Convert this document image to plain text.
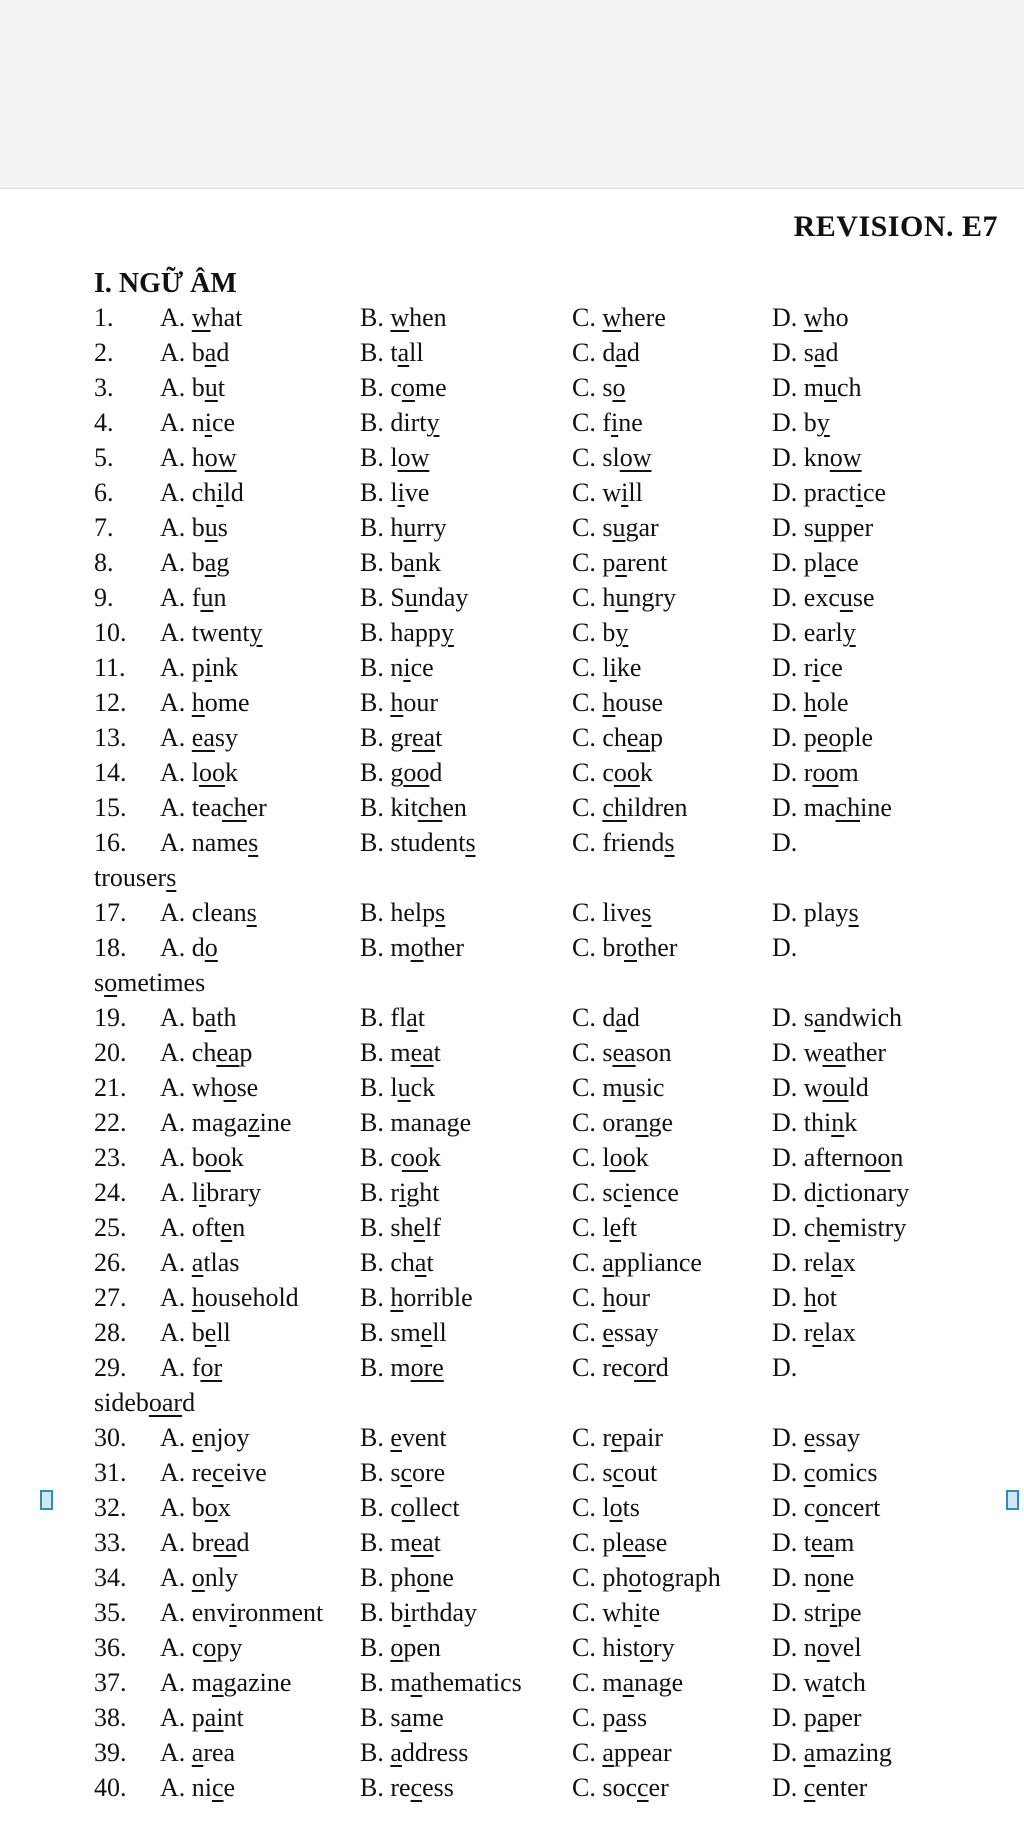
REVISION. E7
I. NGỮ ÂM
1. A. what	B. when	C. where	D. who
2. A. bad	B. tall	C. dad	D. sad
3. A. but	B. come	C. so	D. much
4. A. nice	B. dirty	C. fine	D. by
5. A. how	B. low	C. slow	D. know
6. A. child	B. live	C. will	D. practice
7. A. bus	B. hurry	C. sugar	D. supper
8. A. bag	B. bank	C. parent	D. place
9. A. fun	B. Sunday	C. hungry	D. excuse
10. A. twenty	B. happy	C. by	D. early
11. A. pink	B. nice	C. like	D. rice
12. A. home	B. hour	C. house	D. hole
13. A. easy	B. great	C. cheap	D. people
14. A. look	B. good	C. cook	D. room
15. A. teacher	B. kitchen	C. children	D. machine
16. A. names	B. students	C. friends	D.
trousers
17. A. cleans	B. helps	C. lives	D. plays
18. A. do	B. mother	C. brother	D.
sometimes
19. A. bath	B. flat	C. dad	D. sandwich
20. A. cheap	B. meat	C. season	D. weather
21. A. whose	B. luck	C. music	D. would
22. A. magazine	B. manage	C. orange	D. think
23. A. book	B. cook	C. look	D. afternoon
24. A. library	B. right	C. science	D. dictionary
25. A. often	B. shelf	C. left	D. chemistry
26. A. atlas	B. chat	C. appliance	D. relax
27. A. household B. horrible	C. hour	D. hot
28. A. bell	B. smell	C. essay	D. relax
29. A. for	B. more	C. record	D.
sideboard
30. A. enjoy	B. event	C. repair	D. essay
31. A. receive	B. score	C. scout	D. comics
32. A. box	B. collect	C. lots	D. concert
33. A. bread	B. meat	C. please	D. team
34. A. only	B. phone	C. photograph D. none
35. A. environment B. birthday	C. white	D. stripe
36. A. copy	B. open	C. history	D. novel
37. A. magazine	B. mathematics C. manage	D. watch
38. A. paint	B. same	C. pass	D. paper
39. A. area	B. address	C. appear	D. amazing
40. A. nice	B. recess	C. soccer	D. center
